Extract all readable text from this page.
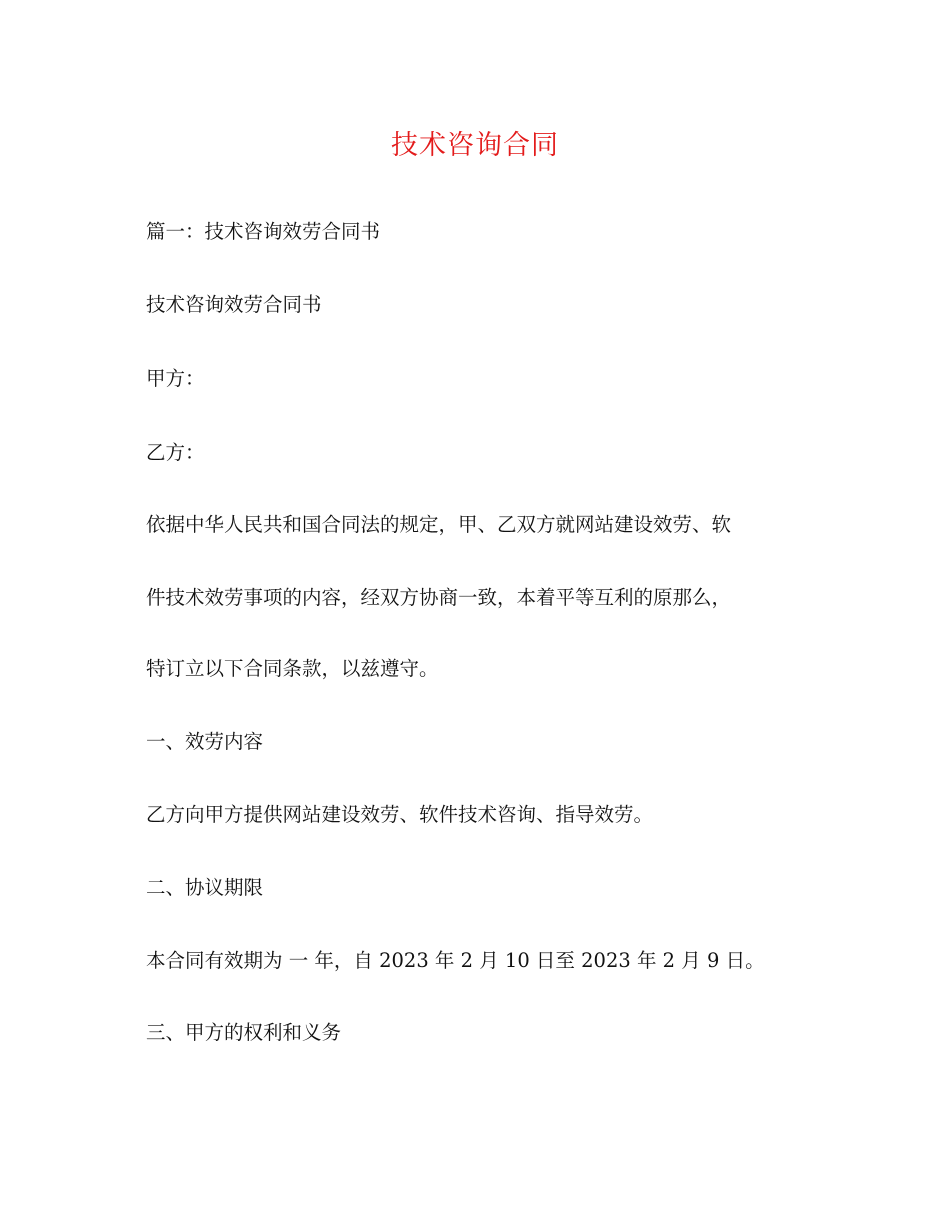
技术咨询合同
篇一：技术咨询效劳合同书
技术咨询效劳合同书
甲方：
乙方：
依据中华人民共和国合同法的规定，甲、乙双方就网站建设效劳、软
件技术效劳事项的内容，经双方协商一致，本着平等互利的原那么，
特订立以下合同条款，以兹遵守。
一、效劳内容
乙方向甲方提供网站建设效劳、软件技术咨询、指导效劳。
二、协议期限
本合同有效期为 一 年，自 2023 年 2 月 10 日至 2023 年 2 月 9 日。
三、甲方的权利和义务
